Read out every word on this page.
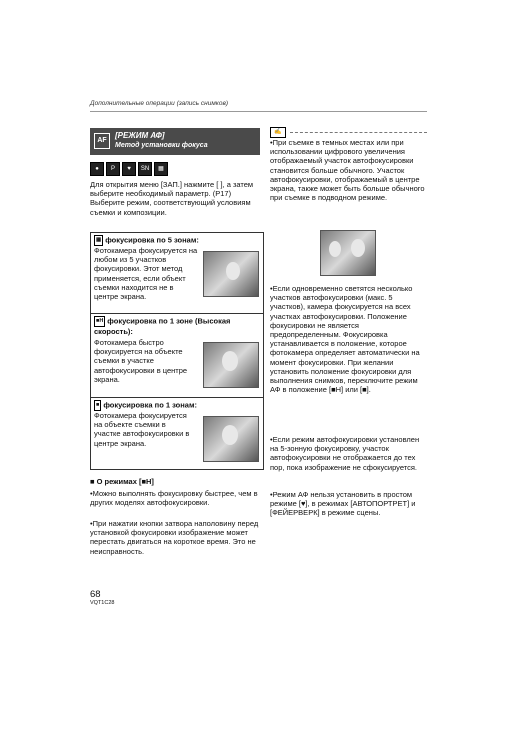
Дополнительные операции (запись снимков)
AF
[РЕЖИМ АФ]
Метод установки фокуса
●	P	♥	SN	▦
Для открытия меню [ЗАП.] нажмите [ ], а затем выберите необходимый параметр. (P17) Выберите режим, соответствующий условиям съемки и композиции.
▦ фокусировка по 5 зонам:
Фотокамера фокусируется на любом из 5 участков фокусировки. Этот метод применяется, если объект съемки находится не в центре экрана.
■H фокусировка по 1 зоне (Высокая скорость):
Фотокамера быстро фокусируется на объекте съемки в участке автофокусировки в центре экрана.
■ фокусировка по 1 зонам:
Фотокамера фокусируется на объекте съемки в участке автофокусировки в центре экрана.
■ О режимах [■H]
•Можно выполнять фокусировку быстрее, чем в других моделях автофокусировки.
•При нажатии кнопки затвора наполовину перед установкой фокусировки изображение может перестать двигаться на короткое время. Это не неисправность.
68
VQT1C28
✍
•При съемке в темных местах или при использовании цифрового увеличения отображаемый участок автофокусировки становится больше обычного. Участок автофокусировки, отображаемый в центре экрана, также может быть больше обычного при съемке в подводном режиме.
•Если одновременно светятся несколько участков автофокусировки (макс. 5 участков), камера фокусируется на всех участках автофокусировки. Положение фокусировки не является предопределенным. Фокусировка устанавливается в положение, которое фотокамера определяет автоматически на момент фокусировки. При желании установить положение фокусировки для выполнения снимков, переключите режим АФ в положение [■H] или [■].
•Если режим автофокусировки установлен на 5-зонную фокусировку, участок автофокусировки не отображается до тех пор, пока изображение не сфокусируется.
•Режим АФ нельзя установить в простом режиме [♥], в режимах [АВТОПОРТРЕТ] и [ФЕЙЕРВЕРК] в режиме сцены.
